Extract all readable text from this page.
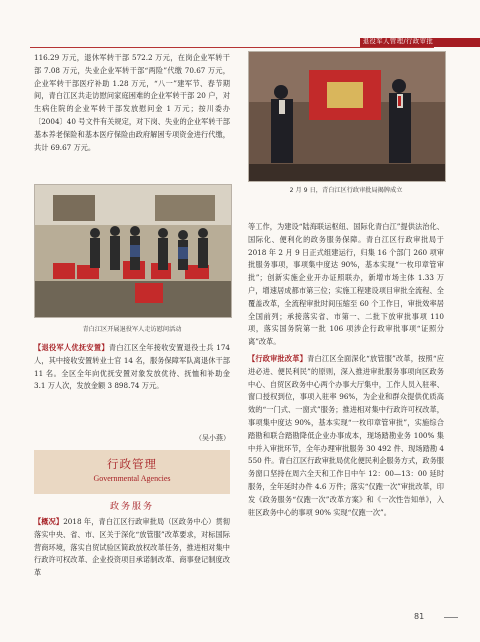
退役军人管理/行政审批

116.29 万元，退休军转干部 572.2 万元，在岗企业军转干部 7.08 万元，失业企业军转干部“两险”代缴 70.67 万元，企业军转干部医疗补助 1.28 万元，“八一”建军节、春节期间，青白江区共走访慰问家庭困难的企业军转干部 20 户，对生病住院的企业军转干部发放慰问金 1 万元；按川委办〔2004〕40 号文件有关规定，对下岗、失业的企业军转干部基本养老保险和基本医疗保险由政府解困专项资金进行代缴，共计 69.67 万元。

青白江区开展退役军人走访慰问活动

【退役军人优抚安置】青白江区全年接收安置退役士兵 174 人，其中接收安置转业士官 14 名，服务保障军队离退休干部 11 名。全区全年向优抚安置对象发放优待、抚恤和补助金 3.1 万人次，发放金额 3 898.74 万元。

（吴小燕）
行政管理
Governmental Agencies
政务服务

【概况】2018 年，青白江区行政审批局（区政务中心）贯彻落实中央、省、市、区关于深化“放管服”改革要求，对标国际营商环境，落实自贸试验区简政放权改革任务，推进相对集中行政许可权改革、企业投资项目承诺制改革、商事登记制度改革

2 月 9 日，青白江区行政审批局揭牌成立

等工作，为建设“陆海联运枢纽、国际化青白江”提供法治化、国际化、便利化的政务服务保障。青白江区行政审批局于 2018 年 2 月 9 日正式组建运行，归集 16 个部门 260 项审批服务事项，事项集中度达 90%，基本实现“一枚印章管审批”；创新实施企业开办证照联办，新增市场主体 1.33 万户，增速居成都市第三位；实施工程建设项目审批全流程、全覆盖改革，全流程审批时间压缩至 60 个工作日，审批效率居全国前列；承接落实省、市第一、二批下放审批事项 110 项，落实国务院第一批 106 项涉企行政审批事项“证照分离”改革。

【行政审批改革】青白江区全面深化“放管服”改革，按照“应进必进、便民利民”的原则，深入推进审批服务事项向区政务中心、自贸区政务中心两个办事大厅集中，工作人员入驻率、窗口授权到位，事项入驻率 96%，为企业和群众提供优质高效的“一门式、一窗式”服务；推进相对集中行政许可权改革，事项集中度达 90%，基本实现“一枚印章管审批”，实施综合踏勘和联合踏勘降低企业办事成本，现场踏勘业务 100% 集中并入审批环节，全年办理审批服务 30 492 件、现场踏勘 4 550 件。青白江区行政审批局优化便民利企服务方式，政务服务窗口坚持在周六全天和工作日中午 12：00—13：00 延时服务，全年延时办件 4.6 万件；落实“仅跑一次”审批改革，印发《政务服务“仅跑一次”改革方案》和《一次性告知单》，入驻区政务中心的事项 90% 实现“仅跑一次”。

81
